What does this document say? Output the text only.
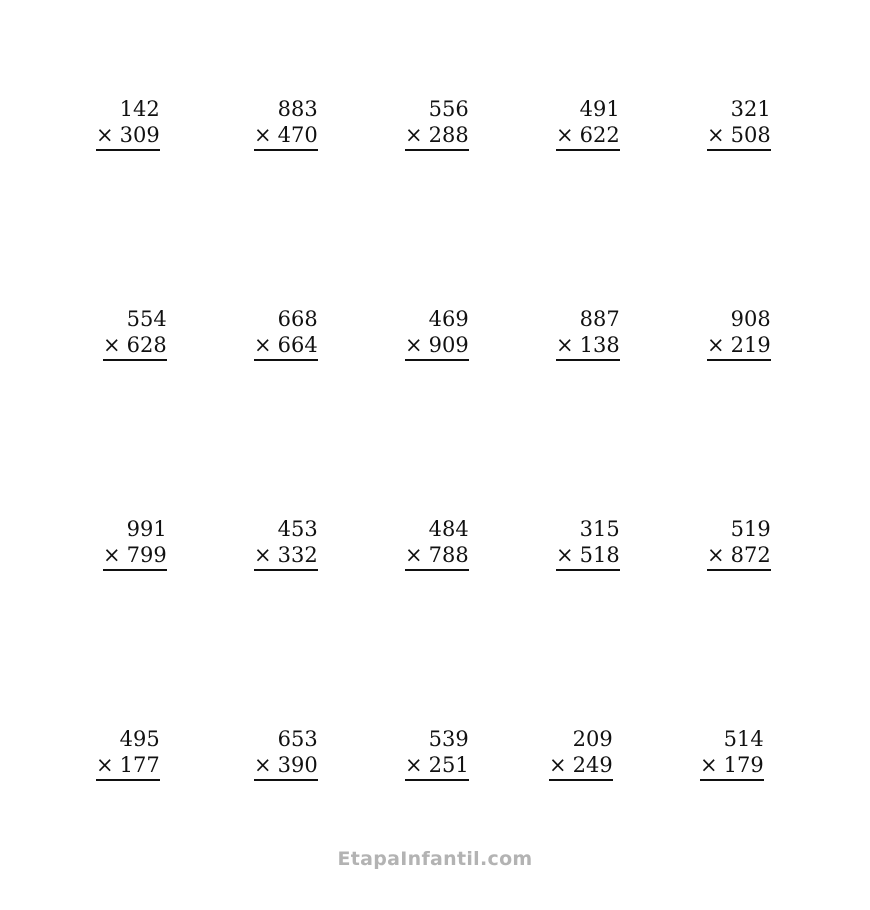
142
× 309
883
× 470
556
× 288
491
× 622
321
× 508
554
× 628
668
× 664
469
× 909
887
× 138
908
× 219
991
× 799
453
× 332
484
× 788
315
× 518
519
× 872
495
× 177
653
× 390
539
× 251
209
× 249
514
× 179
EtapaInfantil.com
